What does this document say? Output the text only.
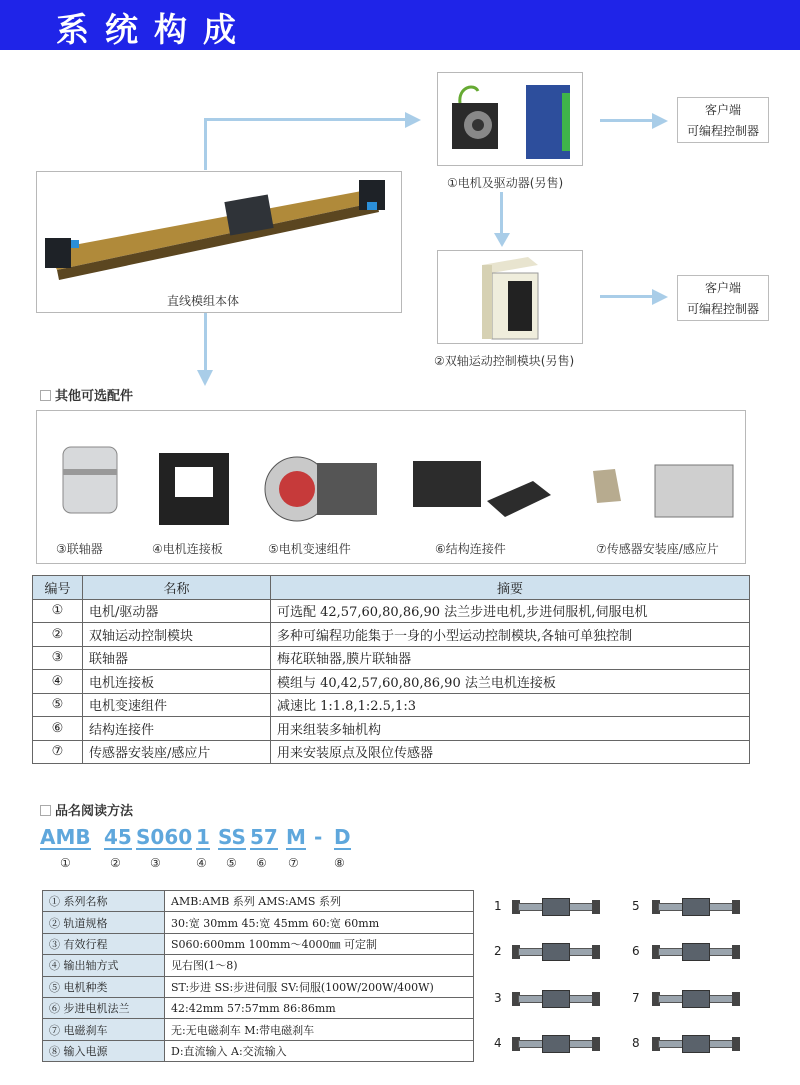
系统构成
直线模组本体
①电机及驱动器(另售)
客户端
可编程控制器
②双轴运动控制模块(另售)
客户端
可编程控制器
其他可选配件
③联轴器	④电机连接板	⑤电机变速组件	⑥结构连接件	⑦传感器安装座/感应片
编号	名称	摘要
①	电机/驱动器	可选配 42,57,60,80,86,90 法兰步进电机,步进伺服机,伺服电机
②	双轴运动控制模块	多种可编程功能集于一身的小型运动控制模块,各轴可单独控制
③	联轴器	梅花联轴器,膜片联轴器
④	电机连接板	模组与 40,42,57,60,80,86,90 法兰电机连接板
⑤	电机变速组件	减速比 1:1.8,1:2.5,1:3
⑥	结构连接件	用来组装多轴机构
⑦	传感器安装座/感应片	用来安装原点及限位传感器
品名阅读方法
AMB 45 S060 1 SS 57 M - D
①	② ③	④ ⑤ ⑥ ⑦	⑧
① 系列名称	AMB:AMB 系列 AMS:AMS 系列
② 轨道规格	30:宽 30mm 45:宽 45mm 60:宽 60mm
③ 有效行程	S060:600mm 100mm～4000㎜ 可定制
④ 输出轴方式	见右图(1～8)
⑤ 电机种类	ST:步进 SS:步进伺服 SV:伺服(100W/200W/400W)
⑥ 步进电机法兰	42:42mm 57:57mm 86:86mm
⑦ 电磁刹车	无:无电磁刹车 M:带电磁刹车
⑧ 输入电源	D:直流输入 A:交流输入
1
2
3
4
5
6
7
8
